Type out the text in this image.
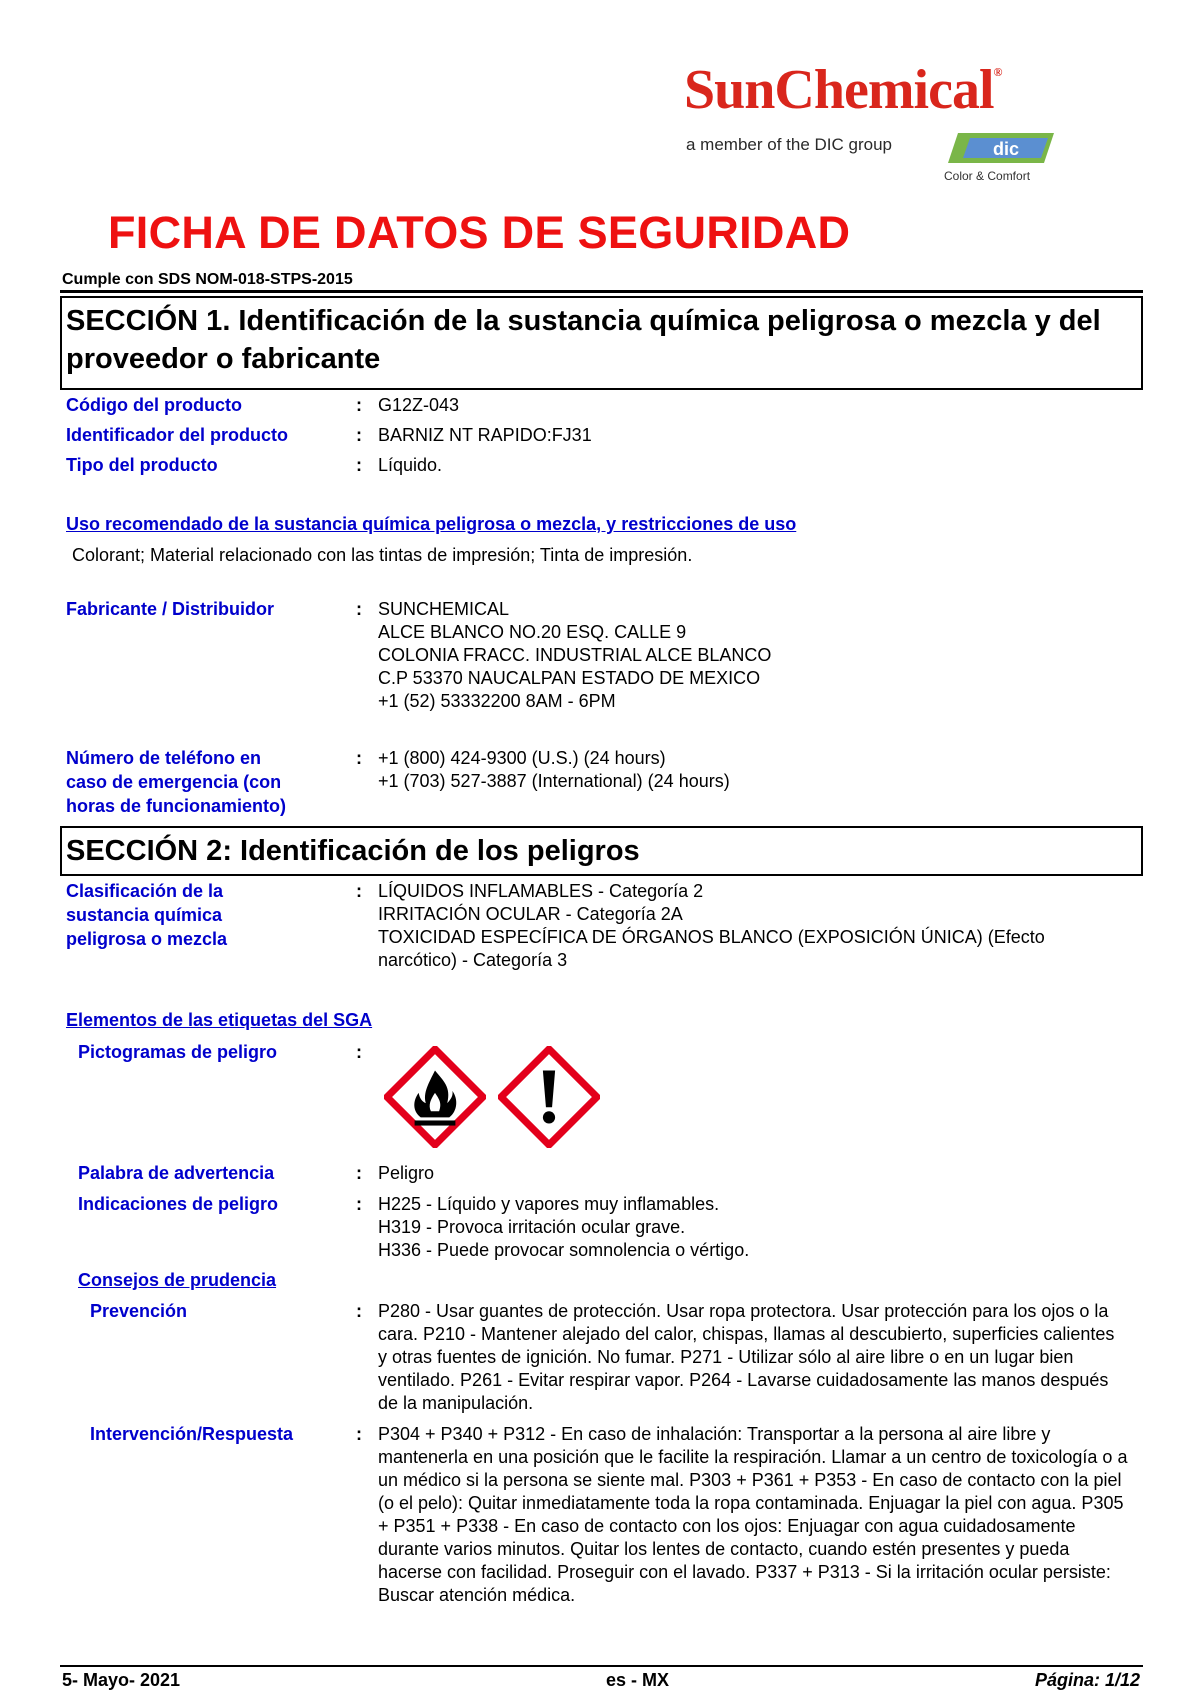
SunChemical®
a member of the DIC group	dic
Color & Comfort
FICHA DE DATOS DE SEGURIDAD
Cumple con SDS NOM-018-STPS-2015

SECCIÓN 1. Identificación de la sustancia química peligrosa o mezcla y del proveedor o fabricante

Código del producto	: G12Z-043
Identificador del producto	: BARNIZ NT RAPIDO:FJ31
Tipo del producto	: Líquido.
Uso recomendado de la sustancia química peligrosa o mezcla, y restricciones de uso
Colorant; Material relacionado con las tintas de impresión; Tinta de impresión.
Fabricante / Distribuidor	: SUNCHEMICAL
ALCE BLANCO NO.20 ESQ. CALLE 9
COLONIA FRACC. INDUSTRIAL ALCE BLANCO
C.P 53370 NAUCALPAN ESTADO DE MEXICO
+1 (52) 53332200 8AM - 6PM
Número de teléfono en
caso de emergencia (con
horas de funcionamiento)
: +1 (800) 424-9300 (U.S.) (24 hours)
+1 (703) 527-3887 (International) (24 hours)

SECCIÓN 2: Identificación de los peligros

Clasificación de la
sustancia química
peligrosa o mezcla
: LÍQUIDOS INFLAMABLES - Categoría 2
IRRITACIÓN OCULAR - Categoría 2A
TOXICIDAD ESPECÍFICA DE ÓRGANOS BLANCO (EXPOSICIÓN ÚNICA) (Efecto
narcótico) - Categoría 3
Elementos de las etiquetas del SGA
Pictogramas de peligro	:
Palabra de advertencia	: Peligro
Indicaciones de peligro	: H225 - Líquido y vapores muy inflamables.
H319 - Provoca irritación ocular grave.
H336 - Puede provocar somnolencia o vértigo.
Consejos de prudencia
Prevención	: P280 - Usar guantes de protección. Usar ropa protectora. Usar protección para los ojos o la cara. P210 - Mantener alejado del calor, chispas, llamas al descubierto, superficies calientes y otras fuentes de ignición. No fumar. P271 - Utilizar sólo al aire libre o en un lugar bien ventilado. P261 - Evitar respirar vapor. P264 - Lavarse cuidadosamente las manos después de la manipulación.
Intervención/Respuesta	: P304 + P340 + P312 - En caso de inhalación: Transportar a la persona al aire libre y mantenerla en una posición que le facilite la respiración. Llamar a un centro de toxicología o a un médico si la persona se siente mal. P303 + P361 + P353 - En caso de contacto con la piel (o el pelo): Quitar inmediatamente toda la ropa contaminada. Enjuagar la piel con agua. P305 + P351 + P338 - En caso de contacto con los ojos: Enjuagar con agua cuidadosamente durante varios minutos. Quitar los lentes de contacto, cuando estén presentes y pueda hacerse con facilidad. Proseguir con el lavado. P337 + P313 - Si la irritación ocular persiste: Buscar atención médica.
5- Mayo- 2021	es - MX	Página: 1/12
